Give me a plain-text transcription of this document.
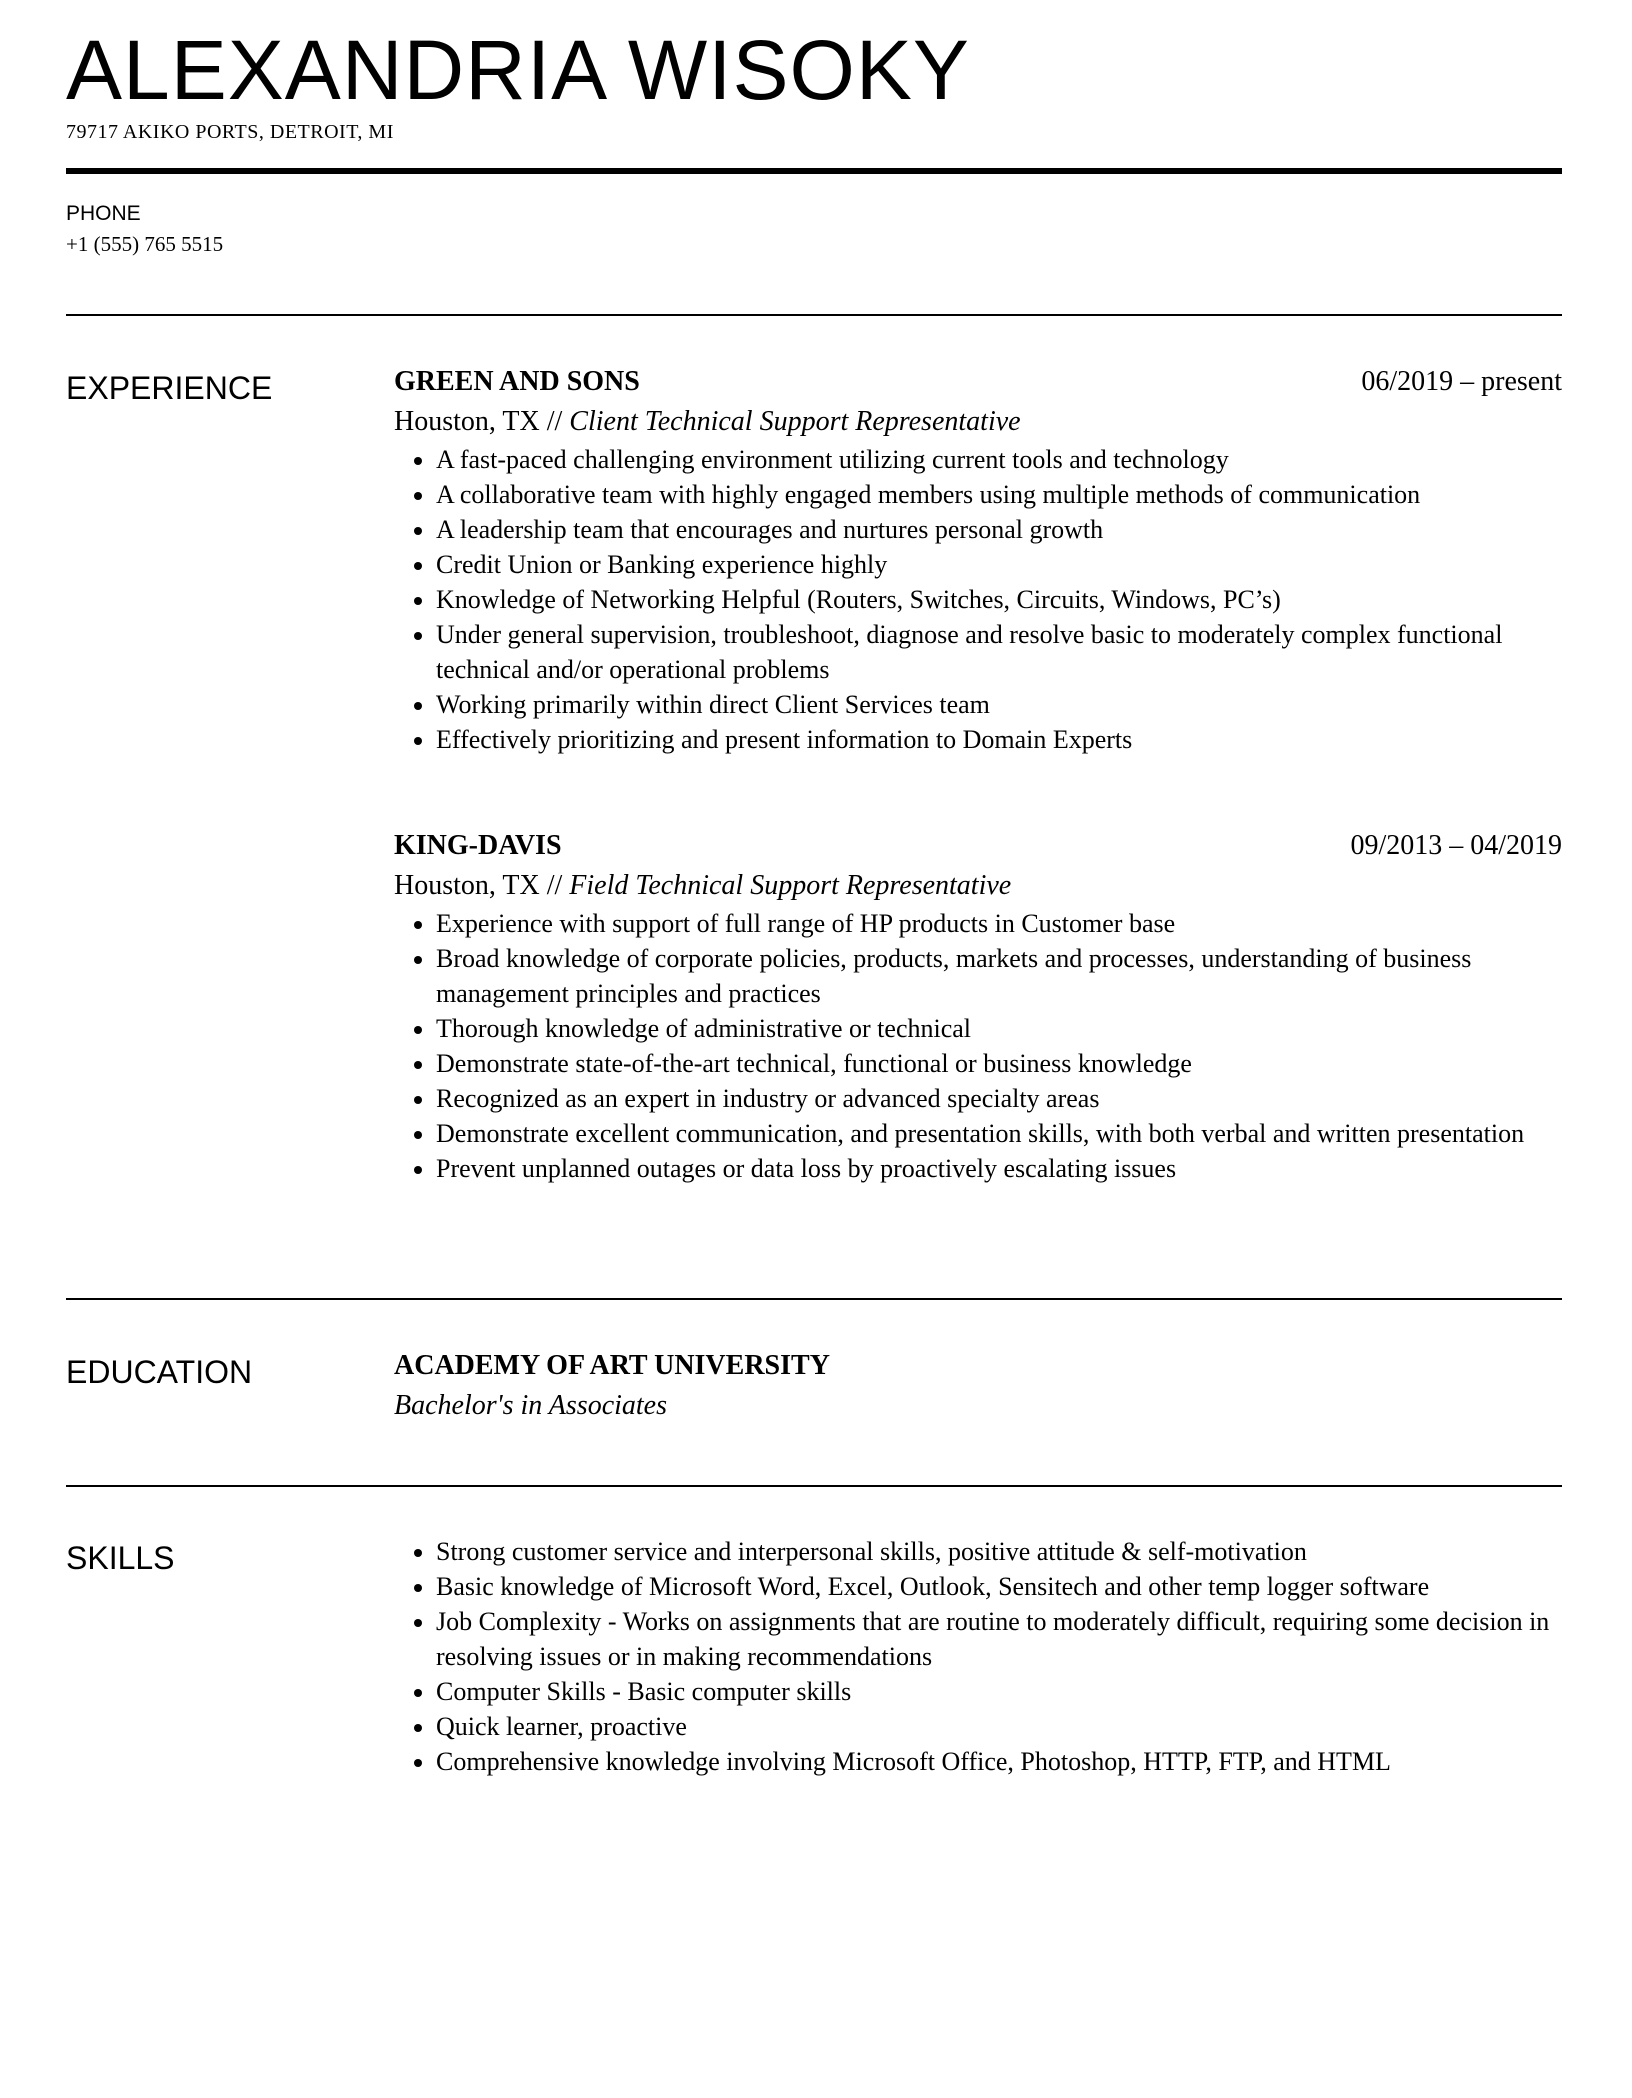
ALEXANDRIA WISOKY
79717 AKIKO PORTS, DETROIT, MI
PHONE
+1 (555) 765 5515
EXPERIENCE	GREEN AND SONS	06/2019 – present
Houston, TX // Client Technical Support Representative
• A fast-paced challenging environment utilizing current tools and technology
• A collaborative team with highly engaged members using multiple methods of communication
• A leadership team that encourages and nurtures personal growth
• Credit Union or Banking experience highly
• Knowledge of Networking Helpful (Routers, Switches, Circuits, Windows, PC’s)
• Under general supervision, troubleshoot, diagnose and resolve basic to moderately complex functional technical and/or operational problems
• Working primarily within direct Client Services team
• Effectively prioritizing and present information to Domain Experts
KING-DAVIS	09/2013 – 04/2019
Houston, TX // Field Technical Support Representative
• Experience with support of full range of HP products in Customer base
• Broad knowledge of corporate policies, products, markets and processes, understanding of business management principles and practices
• Thorough knowledge of administrative or technical
• Demonstrate state-of-the-art technical, functional or business knowledge
• Recognized as an expert in industry or advanced specialty areas
• Demonstrate excellent communication, and presentation skills, with both verbal and written presentation
• Prevent unplanned outages or data loss by proactively escalating issues
EDUCATION	ACADEMY OF ART UNIVERSITY
Bachelor's in Associates
SKILLS
•	Strong customer service and interpersonal skills, positive attitude & self-motivation
• Basic knowledge of Microsoft Word, Excel, Outlook, Sensitech and other temp logger software
• Job Complexity - Works on assignments that are routine to moderately difficult, requiring some decision in resolving issues or in making recommendations
• Computer Skills - Basic computer skills
• Quick learner, proactive
• Comprehensive knowledge involving Microsoft Office, Photoshop, HTTP, FTP, and HTML
